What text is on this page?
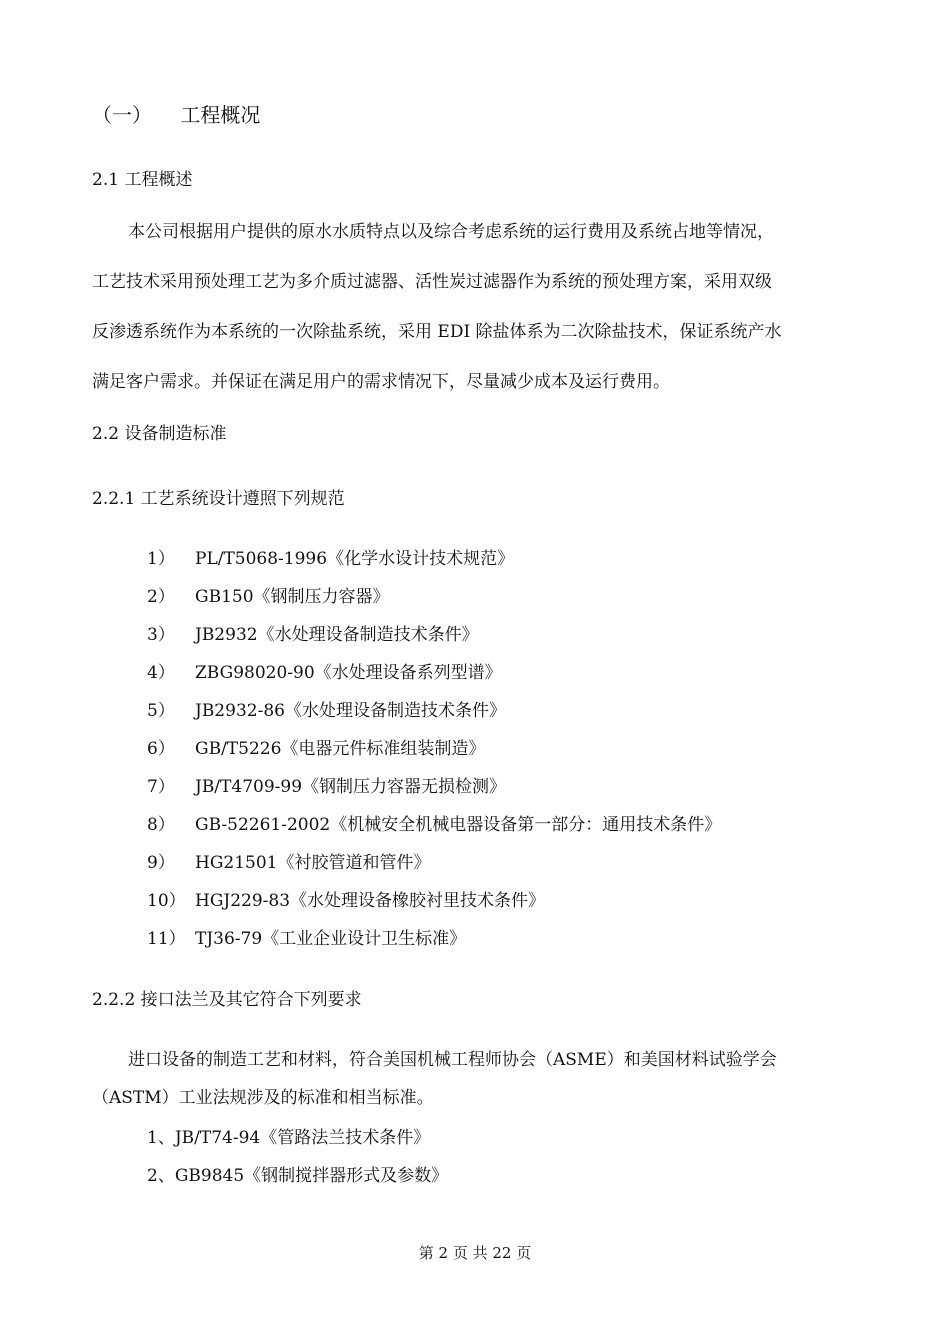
（一） 工程概况
2.1 工程概述
本公司根据用户提供的原水水质特点以及综合考虑系统的运行费用及系统占地等情况，
工艺技术采用预处理工艺为多介质过滤器、活性炭过滤器作为系统的预处理方案，采用双级
反渗透系统作为本系统的一次除盐系统，采用 EDI 除盐体系为二次除盐技术，保证系统产水
满足客户需求。并保证在满足用户的需求情况下，尽量减少成本及运行费用。
2.2 设备制造标准
2.2.1 工艺系统设计遵照下列规范
1） PL/T5068-1996《化学水设计技术规范》
2） GB150《钢制压力容器》
3） JB2932《水处理设备制造技术条件》
4） ZBG98020-90《水处理设备系列型谱》
5） JB2932-86《水处理设备制造技术条件》
6） GB/T5226《电器元件标准组装制造》
7） JB/T4709-99《钢制压力容器无损检测》
8） GB-52261-2002《机械安全机械电器设备第一部分：通用技术条件》
9） HG21501《衬胶管道和管件》
10） HGJ229-83《水处理设备橡胶衬里技术条件》
11） TJ36-79《工业企业设计卫生标准》
2.2.2 接口法兰及其它符合下列要求
进口设备的制造工艺和材料，符合美国机械工程师协会（ASME）和美国材料试验学会
（ASTM）工业法规涉及的标准和相当标准。
1、JB/T74-94《管路法兰技术条件》
2、GB9845《钢制搅拌器形式及参数》
第 2 页 共 22 页
